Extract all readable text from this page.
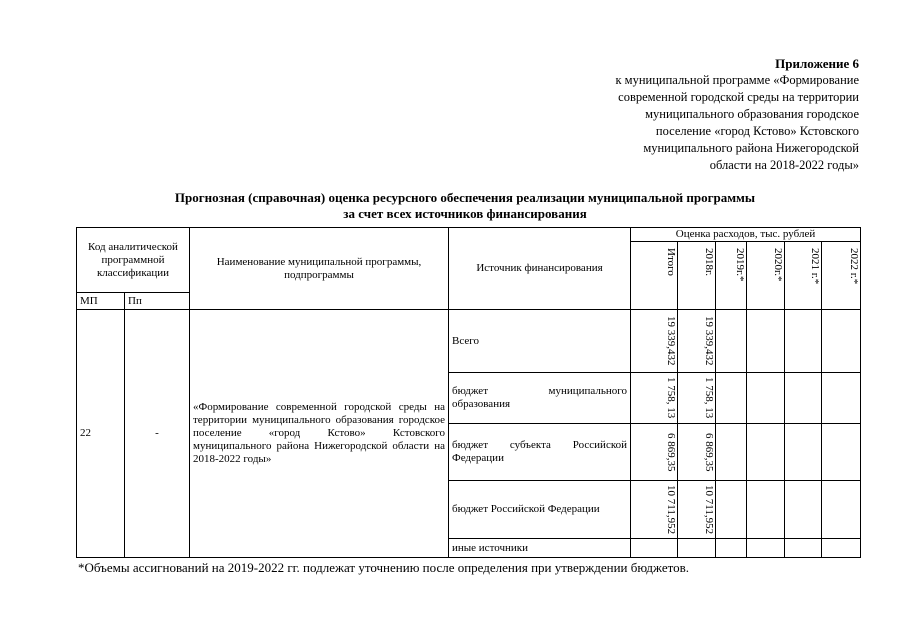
Приложение 6
к муниципальной программе «Формирование
современной городской среды на территории
муниципального образования городское
поселение «город Кстово» Кстовского
муниципального района Нижегородской
области на 2018-2022 годы»
Прогнозная (справочная) оценка ресурсного обеспечения реализации муниципальной программы
за счет всех источников финансирования
Код аналитической программной классификации		Наименование муниципальной программы, подпрограммы	Источник финансирования	Оценка расходов, тыс. рублей					
				Итого	2018г.	2019г.*	2020г.*	2021 г.*	2022 г.*
МП	Пп								
22	-	«Формирование современной городской среды на территории муниципального образования городское поселение «город Кстово» Кстовского муниципального района Нижегородской области на 2018-2022 годы»	Всего	19 339,432	19 339,432				
			бюджет муниципального образования	1 758, 13	1 758, 13				
			бюджет субъекта Российской Федерации	6 869,35	6 869,35				
			бюджет Российской Федерации	10 711,952	10 711,952				
			иные источники						
*Объемы ассигнований на 2019-2022 гг. подлежат уточнению после определения при утверждении бюджетов.
